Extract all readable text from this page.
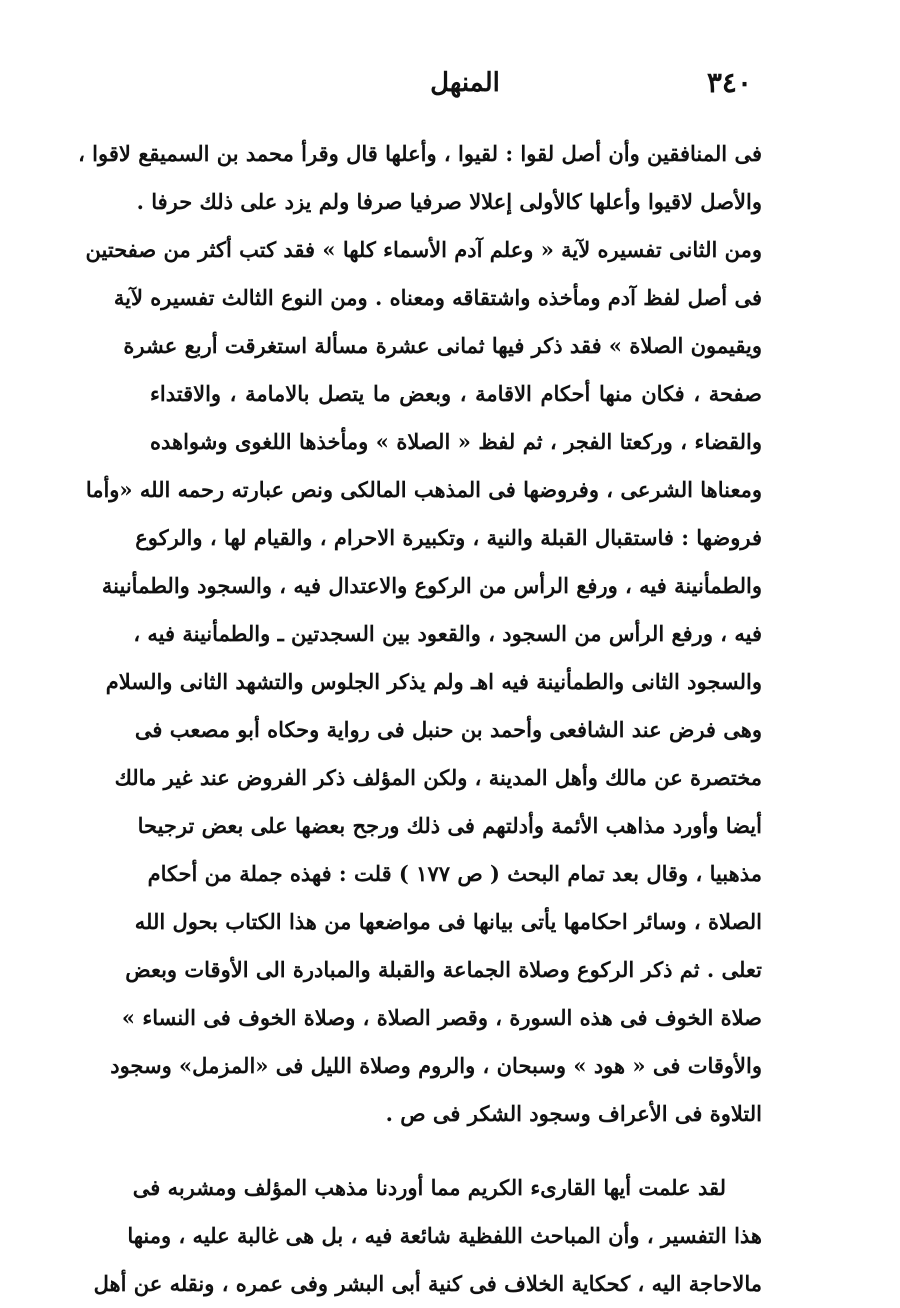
٣٤٠
المنهل
فى المنافقين وأن أصل لقوا : لقيوا ، وأعلها قال وقرأ محمد بن السميقع لاقوا ،
والأصل لاقيوا وأعلها كالأولى إعلالا صرفيا صرفا ولم يزد على ذلك حرفا .
ومن الثانى تفسيره لآية « وعلم آدم الأسماء كلها » فقد كتب أكثر من صفحتين
فى أصل لفظ آدم ومأخذه واشتقاقه ومعناه . ومن النوع الثالث تفسيره لآية
ويقيمون الصلاة » فقد ذكر فيها ثمانى عشرة مسألة استغرقت أربع عشرة
صفحة ، فكان منها أحكام الاقامة ، وبعض ما يتصل بالامامة ، والاقتداء
والقضاء ، وركعتا الفجر ، ثم لفظ « الصلاة » ومأخذها اللغوى وشواهده
ومعناها الشرعى ، وفروضها فى المذهب المالكى ونص عبارته رحمه الله «وأما
فروضها : فاستقبال القبلة والنية ، وتكبيرة الاحرام ، والقيام لها ، والركوع
والطمأنينة فيه ، ورفع الرأس من الركوع والاعتدال فيه ، والسجود والطمأنينة
فيه ، ورفع الرأس من السجود ، والقعود بين السجدتين ـ والطمأنينة فيه ،
والسجود الثانى والطمأنينة فيه اهـ ولم يذكر الجلوس والتشهد الثانى والسلام
وهى فرض عند الشافعى وأحمد بن حنبل فى رواية وحكاه أبو مصعب فى
مختصرة عن مالك وأهل المدينة ، ولكن المؤلف ذكر الفروض عند غير مالك
أيضا وأورد مذاهب الأئمة وأدلتهم فى ذلك ورجح بعضها على بعض ترجيحا
مذهبيا ، وقال بعد تمام البحث ( ص ١٧٧ ) قلت : فهذه جملة من أحكام
الصلاة ، وسائر احكامها يأتى بيانها فى مواضعها من هذا الكتاب بحول الله
تعلى . ثم ذكر الركوع وصلاة الجماعة والقبلة والمبادرة الى الأوقات وبعض
صلاة الخوف فى هذه السورة ، وقصر الصلاة ، وصلاة الخوف فى النساء »
والأوقات فى « هود » وسبحان ، والروم وصلاة الليل فى «المزمل» وسجود
التلاوة فى الأعراف وسجود الشكر فى ص .
لقد علمت أيها القارىء الكريم مما أوردنا مذهب المؤلف ومشربه فى
هذا التفسير ، وأن المباحث اللفظية شائعة فيه ، بل هى غالبة عليه ، ومنها
مالاحاجة اليه ، كحكاية الخلاف فى كنية أبى البشر وفى عمره ، ونقله عن أهل
